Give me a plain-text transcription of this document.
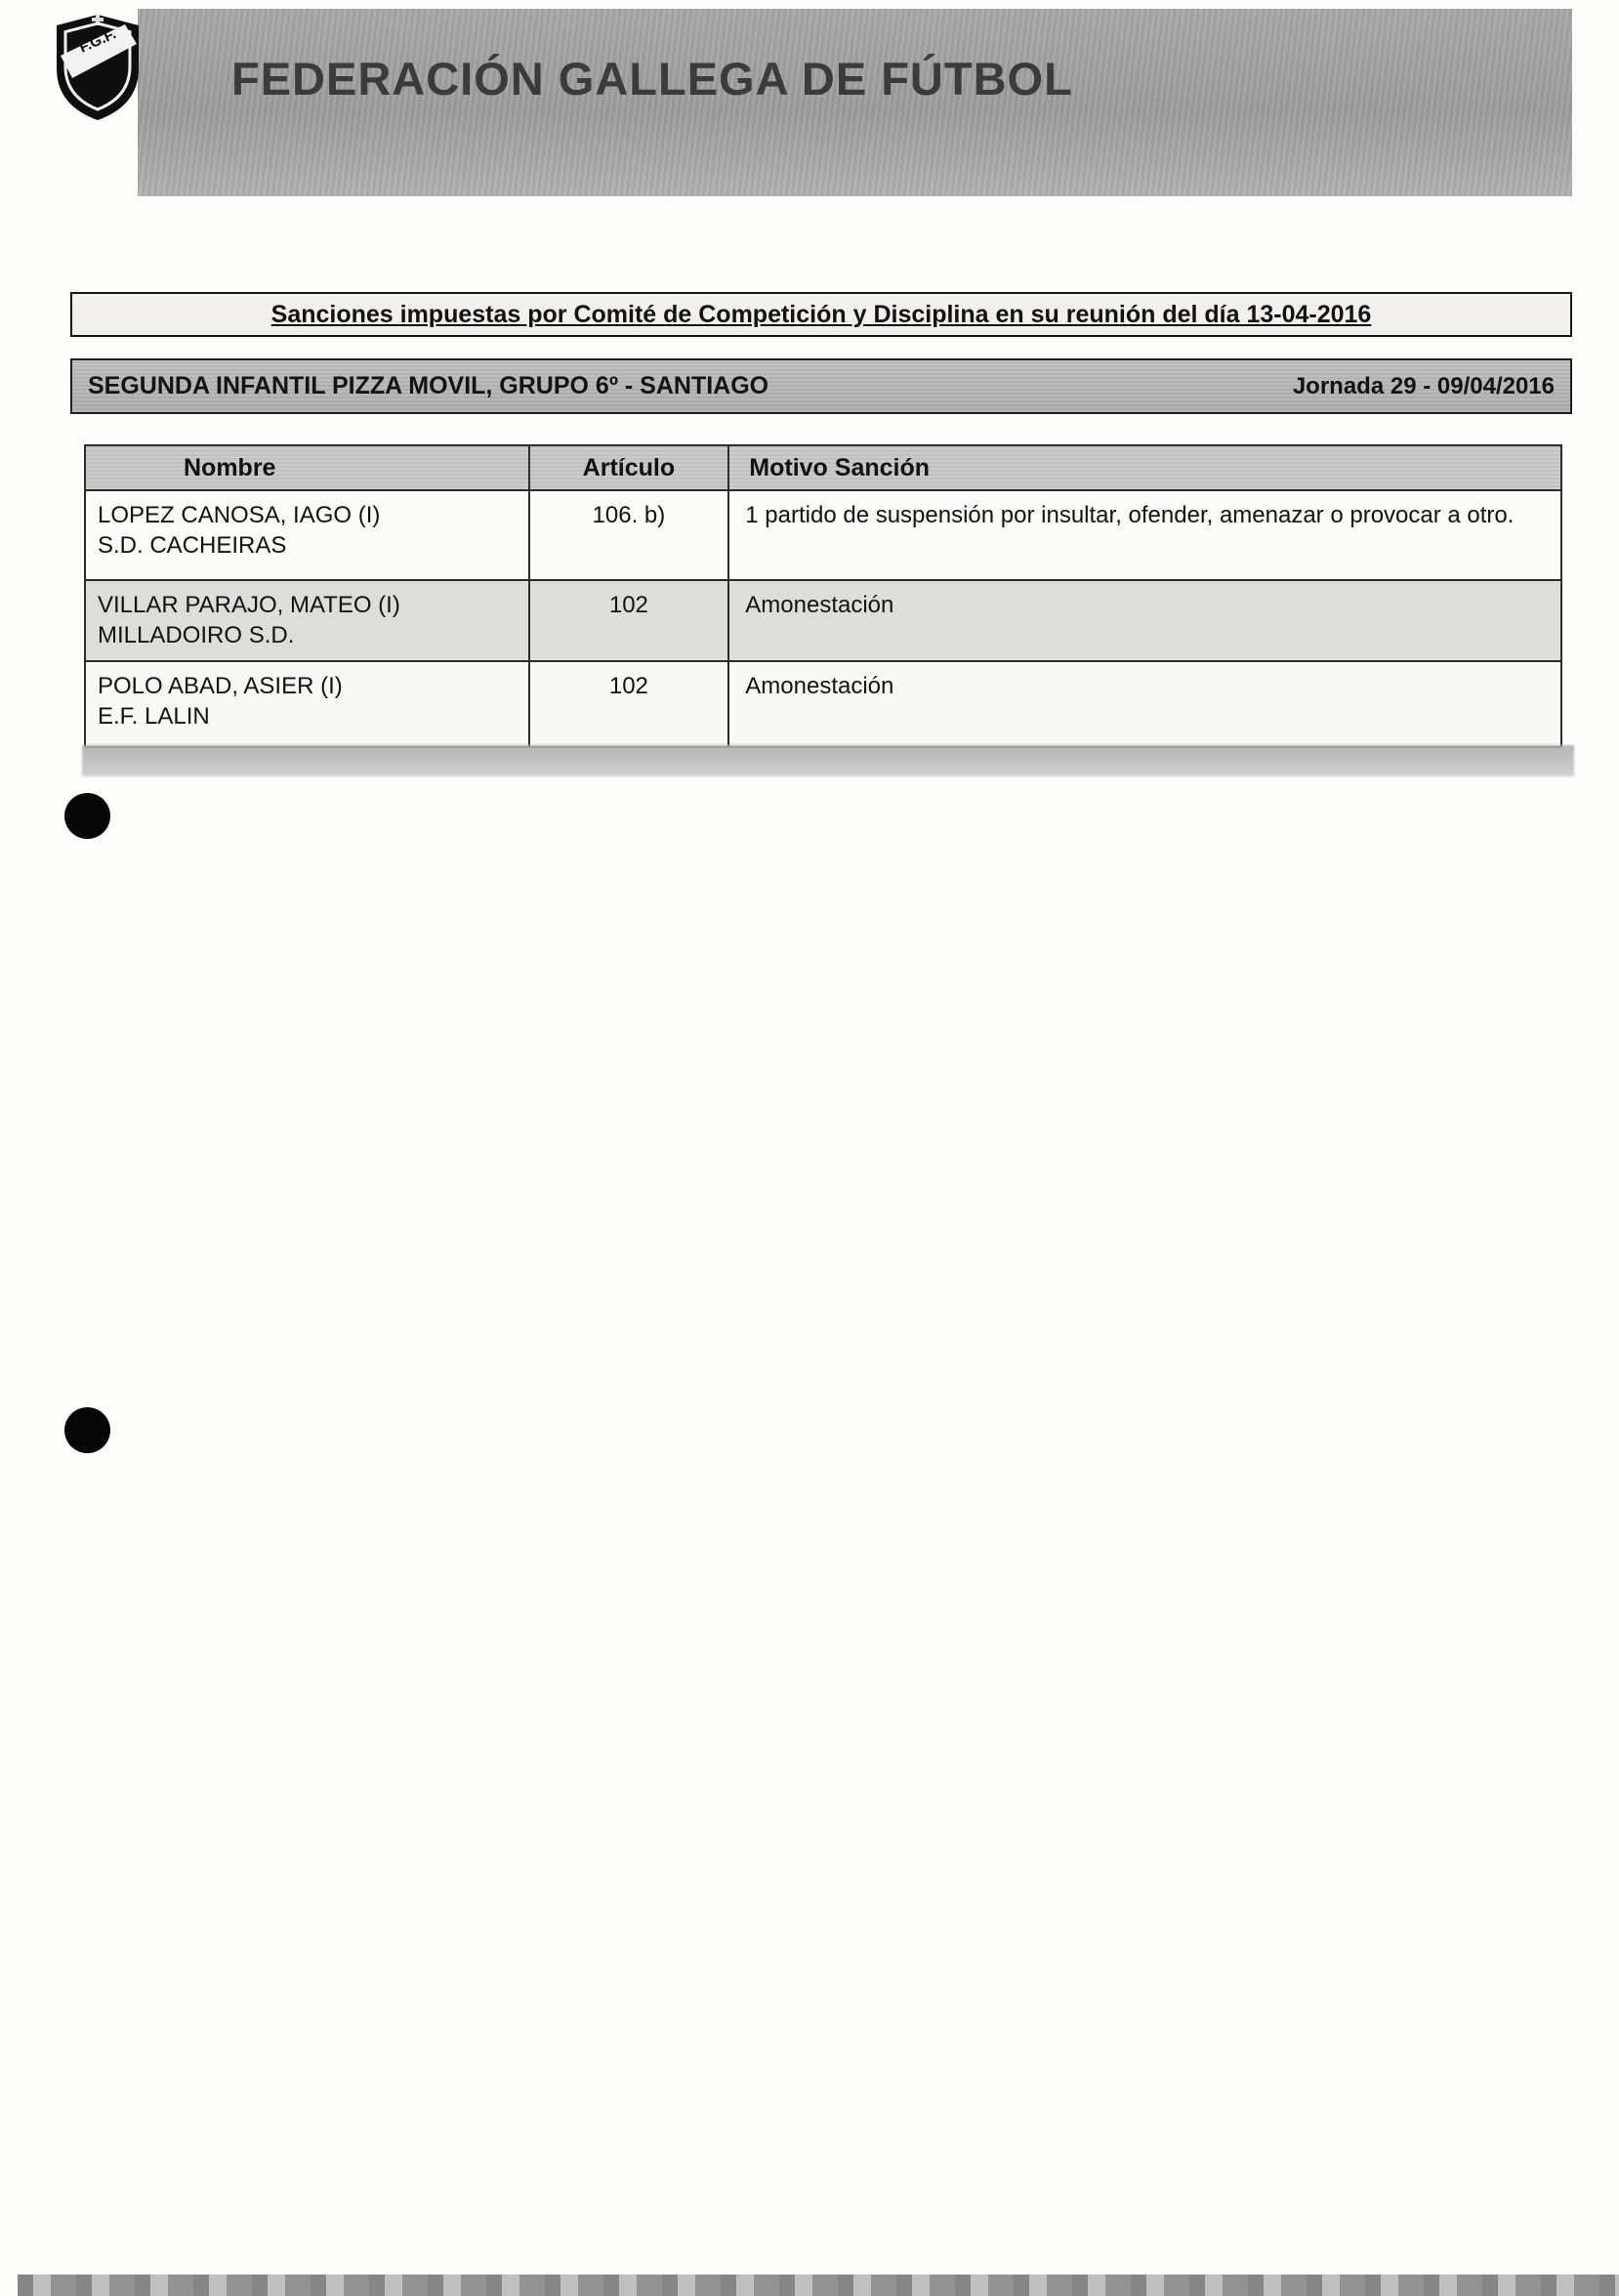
FEDERACIÓN GALLEGA DE FÚTBOL
F.G.F.
Sanciones impuestas por Comité de Competición y Disciplina en su reunión del día 13-04-2016
SEGUNDA INFANTIL PIZZA MOVIL, GRUPO 6º - SANTIAGO	Jornada 29 - 09/04/2016
Nombre	Artículo	Motivo Sanción

LOPEZ CANOSA, IAGO (I)
S.D. CACHEIRAS	106. b)	1 partido de suspensión por insultar, ofender, amenazar o provocar a otro.

VILLAR PARAJO, MATEO (I)
MILLADOIRO S.D.	102	Amonestación

POLO ABAD, ASIER (I)
E.F. LALIN	102	Amonestación
